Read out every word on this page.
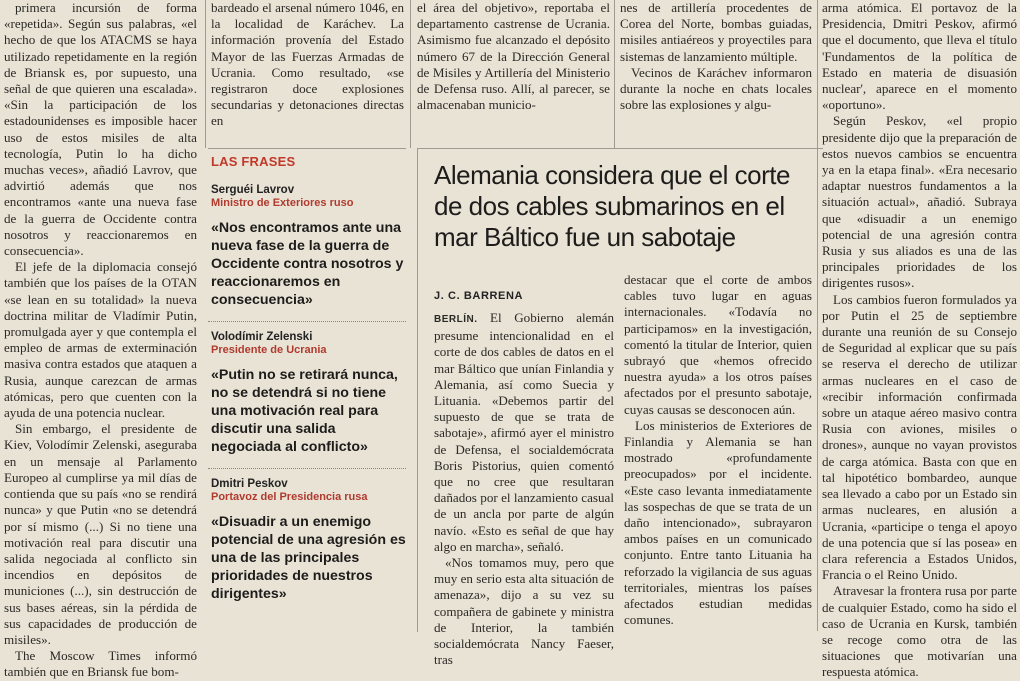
primera incursión de forma «repetida». Según sus palabras, «el hecho de que los ATACMS se haya utilizado repetidamente en la región de Briansk es, por supuesto, una señal de que quieren una escalada». «Sin la participación de los estadounidenses es imposible hacer uso de estos misiles de alta tecnología, Putin lo ha dicho muchas veces», añadió Lavrov, que advirtió además que nos encontramos «ante una nueva fase de la guerra de Occidente contra nosotros y reaccionaremos en consecuencia».

El jefe de la diplomacia consejó también que los países de la OTAN «se lean en su totalidad» la nueva doctrina militar de Vladímir Putin, promulgada ayer y que contempla el empleo de armas de exterminación masiva contra estados que ataquen a Rusia, aunque carezcan de armas atómicas, pero que cuenten con la ayuda de una potencia nuclear.

Sin embargo, el presidente de Kiev, Volodímir Zelenski, aseguraba en un mensaje al Parlamento Europeo al cumplirse ya mil días de contienda que su país «no se rendirá nunca» y que Putin «no se detendrá por sí mismo (...) Si no tiene una motivación real para discutir una salida negociada al conflicto sin incendios en depósitos de municiones (...), sin destrucción de sus bases aéreas, sin la pérdida de sus capacidades de producción de misiles».

The Moscow Times informó también que en Briansk fue bom-

bardeado el arsenal número 1046, en la localidad de Karáchev. La información provenía del Estado Mayor de las Fuerzas Armadas de Ucrania. Como resultado, «se registraron doce explosiones secundarias y detonaciones directas en

el área del objetivo», reportaba el departamento castrense de Ucrania. Asimismo fue alcanzado el depósito número 67 de la Dirección General de Misiles y Artillería del Ministerio de Defensa ruso. Allí, al parecer, se almacenaban municio-

nes de artillería procedentes de Corea del Norte, bombas guiadas, misiles antiaéreos y proyectiles para sistemas de lanzamiento múltiple.

Vecinos de Karáchev informaron durante la noche en chats locales sobre las explosiones y algu-

arma atómica. El portavoz de la Presidencia, Dmitri Peskov, afirmó que el documento, que lleva el título 'Fundamentos de la política de Estado en materia de disuasión nuclear', aparece en el momento «oportuno».

Según Peskov, «el propio presidente dijo que la preparación de estos nuevos cambios se encuentra ya en la etapa final». «Era necesario adaptar nuestros fundamentos a la situación actual», añadió. Subraya que «disuadir a un enemigo potencial de una agresión contra Rusia y sus aliados es una de las principales prioridades de los dirigentes rusos».

Los cambios fueron formulados ya por Putin el 25 de septiembre durante una reunión de su Consejo de Seguridad al explicar que su país se reserva el derecho de utilizar armas nucleares en el caso de «recibir información confirmada sobre un ataque aéreo masivo contra Rusia con aviones, misiles o drones», aunque no vayan provistos de carga atómica. Basta con que en tal hipotético bombardeo, aunque sea llevado a cabo por un Estado sin armas nucleares, en alusión a Ucrania, «participe o tenga el apoyo de una potencia que sí las posea» en clara referencia a Estados Unidos, Francia o el Reino Unido.

Atravesar la frontera rusa por parte de cualquier Estado, como ha sido el caso de Ucrania en Kursk, también se recoge como otra de las situaciones que motivarían una respuesta atómica.

LAS FRASES
Serguéi Lavrov
Ministro de Exteriores ruso
«Nos encontramos ante una nueva fase de la guerra de Occidente contra nosotros y reaccionaremos en consecuencia»
Volodímir Zelenski
Presidente de Ucrania
«Putin no se retirará nunca, no se detendrá si no tiene una motivación real para discutir una salida negociada al conflicto»
Dmitri Peskov
Portavoz del Presidencia rusa
«Disuadir a un enemigo potencial de una agresión es una de las principales prioridades de nuestros dirigentes»
Alemania considera que el corte de dos cables submarinos en el mar Báltico fue un sabotaje
J. C. BARRENA

BERLÍN. El Gobierno alemán presume intencionalidad en el corte de dos cables de datos en el mar Báltico que unían Finlandia y Alemania, así como Suecia y Lituania. «Debemos partir del supuesto de que se trata de sabotaje», afirmó ayer el ministro de Defensa, el socialdemócrata Boris Pistorius, quien comentó que no cree que resultaran dañados por el lanzamiento casual de un ancla por parte de algún navío. «Esto es señal de que hay algo en marcha», señaló.

«Nos tomamos muy, pero que muy en serio esta alta situación de amenaza», dijo a su vez su compañera de gabinete y ministra de Interior, la también socialdemócrata Nancy Faeser, tras

destacar que el corte de ambos cables tuvo lugar en aguas internacionales. «Todavía no participamos» en la investigación, comentó la titular de Interior, quien subrayó que «hemos ofrecido nuestra ayuda» a los otros países afectados por el presunto sabotaje, cuyas causas se desconocen aún.

Los ministerios de Exteriores de Finlandia y Alemania se han mostrado «profundamente preocupados» por el incidente. «Este caso levanta inmediatamente las sospechas de que se trata de un daño intencionado», subrayaron ambos países en un comunicado conjunto. Entre tanto Lituania ha reforzado la vigilancia de sus aguas territoriales, mientras los países afectados estudian medidas comunes.
